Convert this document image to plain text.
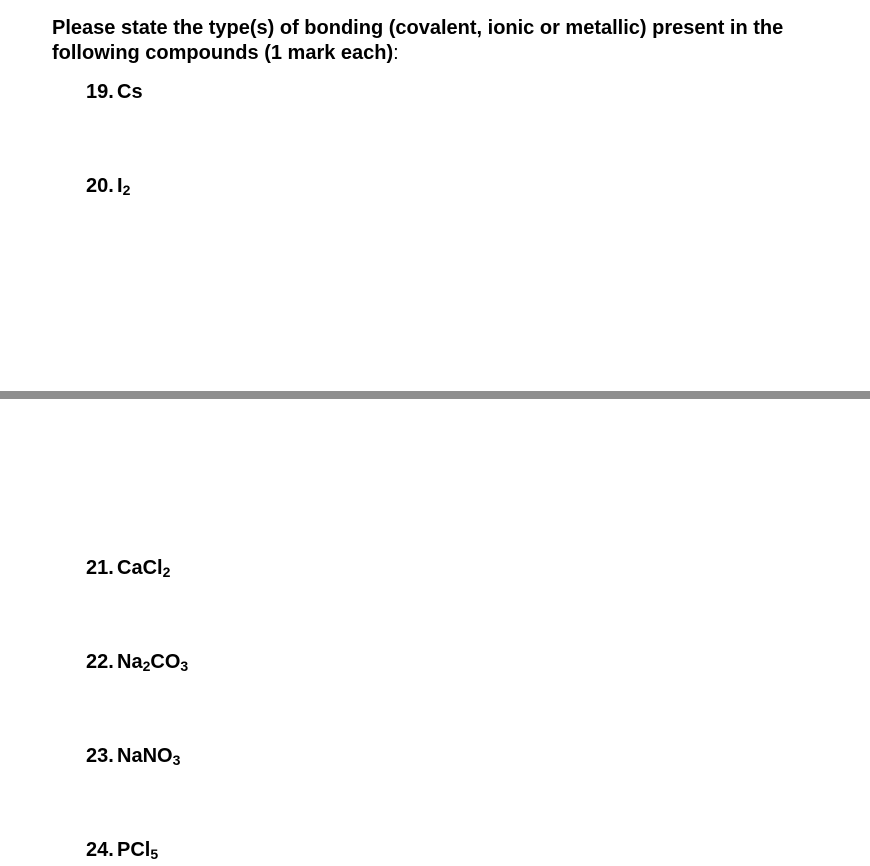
Please state the type(s) of bonding (covalent, ionic or metallic) present in the following compounds (1 mark each):

19. Cs
20. $I_2$
21. CaCl$_2$
22. $Na_2CO_3$
23. NaNO$_3$
24. PCl$_5$
